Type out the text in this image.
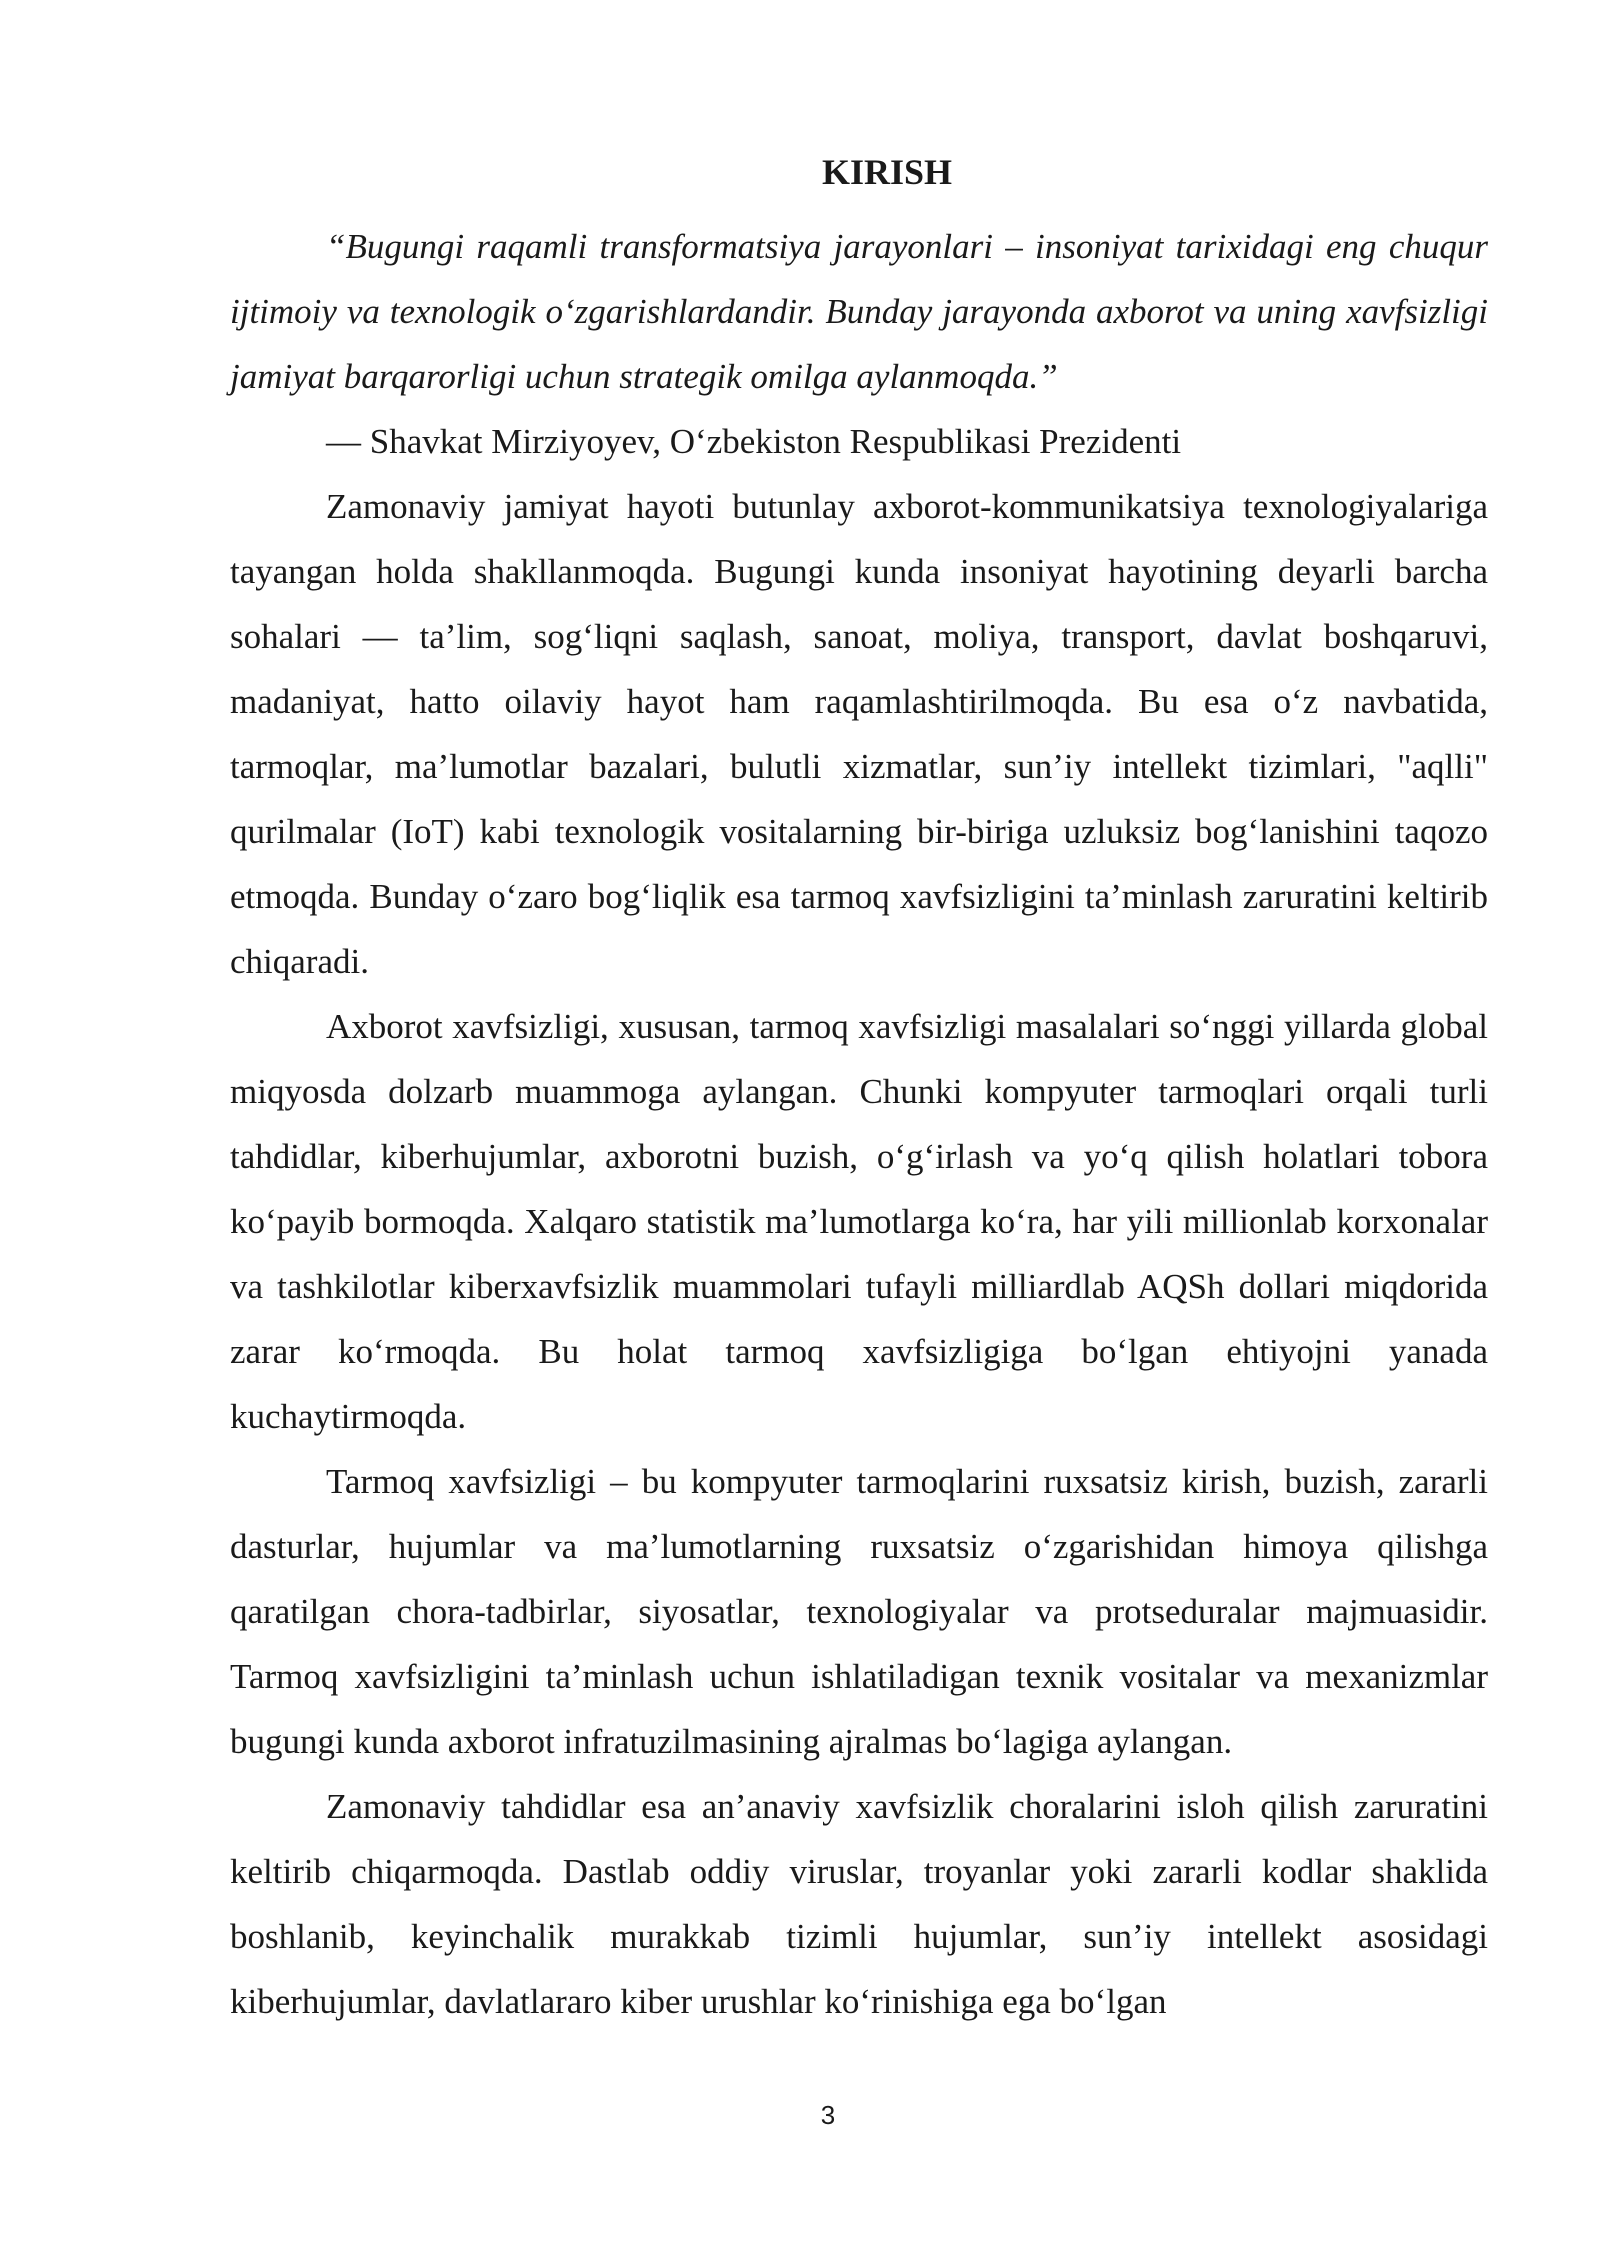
KIRISH

“Bugungi raqamli transformatsiya jarayonlari – insoniyat tarixidagi eng chuqur ijtimoiy va texnologik o‘zgarishlardandir. Bunday jarayonda axborot va uning xavfsizligi jamiyat barqarorligi uchun strategik omilga aylanmoqda.”

— Shavkat Mirziyoyev, O‘zbekiston Respublikasi Prezidenti

Zamonaviy jamiyat hayoti butunlay axborot-kommunikatsiya texnologiyalariga tayangan holda shakllanmoqda. Bugungi kunda insoniyat hayotining deyarli barcha sohalari — ta’lim, sog‘liqni saqlash, sanoat, moliya, transport, davlat boshqaruvi, madaniyat, hatto oilaviy hayot ham raqamlashtirilmoqda. Bu esa o‘z navbatida, tarmoqlar, ma’lumotlar bazalari, bulutli xizmatlar, sun’iy intellekt tizimlari, "aqlli" qurilmalar (IoT) kabi texnologik vositalarning bir-biriga uzluksiz bog‘lanishini taqozo etmoqda. Bunday o‘zaro bog‘liqlik esa tarmoq xavfsizligini ta’minlash zaruratini keltirib chiqaradi.

Axborot xavfsizligi, xususan, tarmoq xavfsizligi masalalari so‘nggi yillarda global miqyosda dolzarb muammoga aylangan. Chunki kompyuter tarmoqlari orqali turli tahdidlar, kiberhujumlar, axborotni buzish, o‘g‘irlash va yo‘q qilish holatlari tobora ko‘payib bormoqda. Xalqaro statistik ma’lumotlarga ko‘ra, har yili millionlab korxonalar va tashkilotlar kiberxavfsizlik muammolari tufayli milliardlab AQSh dollari miqdorida zarar ko‘rmoqda. Bu holat tarmoq xavfsizligiga bo‘lgan ehtiyojni yanada kuchaytirmoqda.

Tarmoq xavfsizligi – bu kompyuter tarmoqlarini ruxsatsiz kirish, buzish, zararli dasturlar, hujumlar va ma’lumotlarning ruxsatsiz o‘zgarishidan himoya qilishga qaratilgan chora-tadbirlar, siyosatlar, texnologiyalar va protseduralar majmuasidir. Tarmoq xavfsizligini ta’minlash uchun ishlatiladigan texnik vositalar va mexanizmlar bugungi kunda axborot infratuzilmasining ajralmas bo‘lagiga aylangan.

Zamonaviy tahdidlar esa an’anaviy xavfsizlik choralarini isloh qilish zaruratini keltirib chiqarmoqda. Dastlab oddiy viruslar, troyanlar yoki zararli kodlar shaklida boshlanib, keyinchalik murakkab tizimli hujumlar, sun’iy intellekt asosidagi kiberhujumlar, davlatlararo kiber urushlar ko‘rinishiga ega bo‘lgan

3
